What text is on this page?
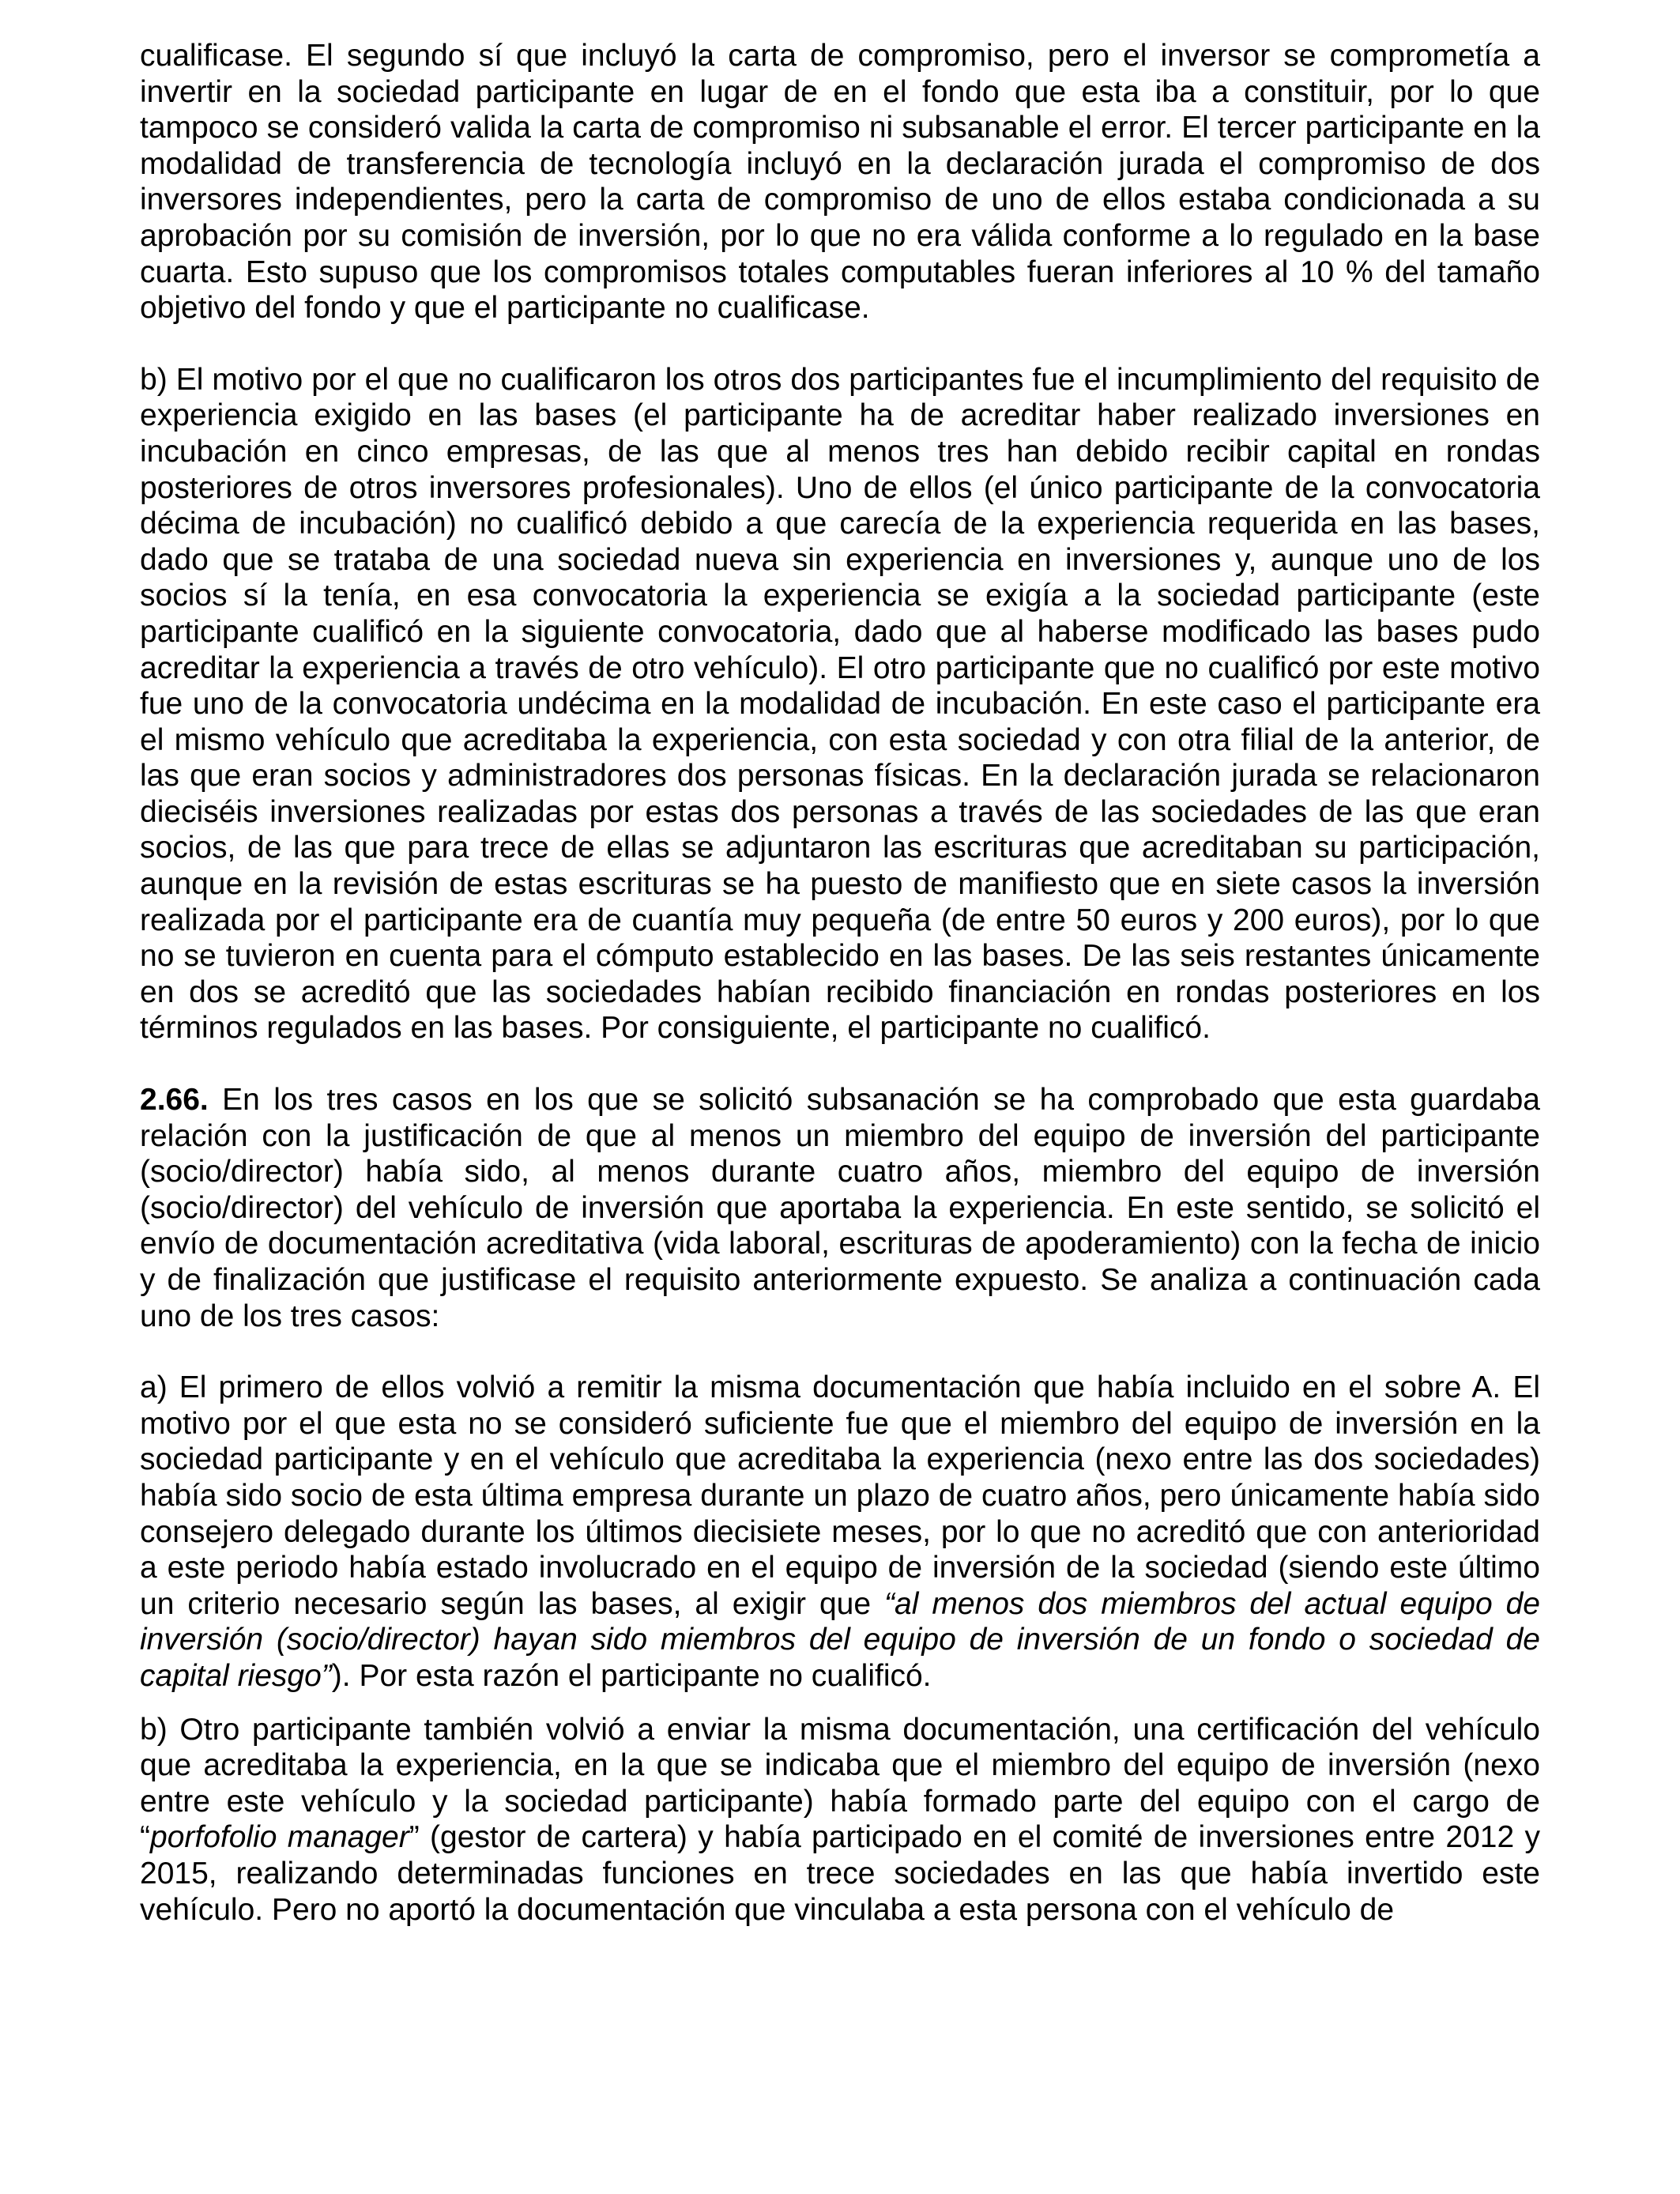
cualificase. El segundo sí que incluyó la carta de compromiso, pero el inversor se comprometía a invertir en la sociedad participante en lugar de en el fondo que esta iba a constituir, por lo que tampoco se consideró valida la carta de compromiso ni subsanable el error. El tercer participante en la modalidad de transferencia de tecnología incluyó en la declaración jurada el compromiso de dos inversores independientes, pero la carta de compromiso de uno de ellos estaba condicionada a su aprobación por su comisión de inversión, por lo que no era válida conforme a lo regulado en la base cuarta. Esto supuso que los compromisos totales computables fueran inferiores al 10 % del tamaño objetivo del fondo y que el participante no cualificase.

b) El motivo por el que no cualificaron los otros dos participantes fue el incumplimiento del requisito de experiencia exigido en las bases (el participante ha de acreditar haber realizado inversiones en incubación en cinco empresas, de las que al menos tres han debido recibir capital en rondas posteriores de otros inversores profesionales). Uno de ellos (el único participante de la convocatoria décima de incubación) no cualificó debido a que carecía de la experiencia requerida en las bases, dado que se trataba de una sociedad nueva sin experiencia en inversiones y, aunque uno de los socios sí la tenía, en esa convocatoria la experiencia se exigía a la sociedad participante (este participante cualificó en la siguiente convocatoria, dado que al haberse modificado las bases pudo acreditar la experiencia a través de otro vehículo). El otro participante que no cualificó por este motivo fue uno de la convocatoria undécima en la modalidad de incubación. En este caso el participante era el mismo vehículo que acreditaba la experiencia, con esta sociedad y con otra filial de la anterior, de las que eran socios y administradores dos personas físicas. En la declaración jurada se relacionaron dieciséis inversiones realizadas por estas dos personas a través de las sociedades de las que eran socios, de las que para trece de ellas se adjuntaron las escrituras que acreditaban su participación, aunque en la revisión de estas escrituras se ha puesto de manifiesto que en siete casos la inversión realizada por el participante era de cuantía muy pequeña (de entre 50 euros y 200 euros), por lo que no se tuvieron en cuenta para el cómputo establecido en las bases. De las seis restantes únicamente en dos se acreditó que las sociedades habían recibido financiación en rondas posteriores en los términos regulados en las bases. Por consiguiente, el participante no cualificó.

2.66. En los tres casos en los que se solicitó subsanación se ha comprobado que esta guardaba relación con la justificación de que al menos un miembro del equipo de inversión del participante (socio/director) había sido, al menos durante cuatro años, miembro del equipo de inversión (socio/director) del vehículo de inversión que aportaba la experiencia. En este sentido, se solicitó el envío de documentación acreditativa (vida laboral, escrituras de apoderamiento) con la fecha de inicio y de finalización que justificase el requisito anteriormente expuesto. Se analiza a continuación cada uno de los tres casos:

a) El primero de ellos volvió a remitir la misma documentación que había incluido en el sobre A. El motivo por el que esta no se consideró suficiente fue que el miembro del equipo de inversión en la sociedad participante y en el vehículo que acreditaba la experiencia (nexo entre las dos sociedades) había sido socio de esta última empresa durante un plazo de cuatro años, pero únicamente había sido consejero delegado durante los últimos diecisiete meses, por lo que no acreditó que con anterioridad a este periodo había estado involucrado en el equipo de inversión de la sociedad (siendo este último un criterio necesario según las bases, al exigir que “al menos dos miembros del actual equipo de inversión (socio/director) hayan sido miembros del equipo de inversión de un fondo o sociedad de capital riesgo”). Por esta razón el participante no cualificó.

b) Otro participante también volvió a enviar la misma documentación, una certificación del vehículo que acreditaba la experiencia, en la que se indicaba que el miembro del equipo de inversión (nexo entre este vehículo y la sociedad participante) había formado parte del equipo con el cargo de “porfofolio manager” (gestor de cartera) y había participado en el comité de inversiones entre 2012 y 2015, realizando determinadas funciones en trece sociedades en las que había invertido este vehículo. Pero no aportó la documentación que vinculaba a esta persona con el vehículo de
